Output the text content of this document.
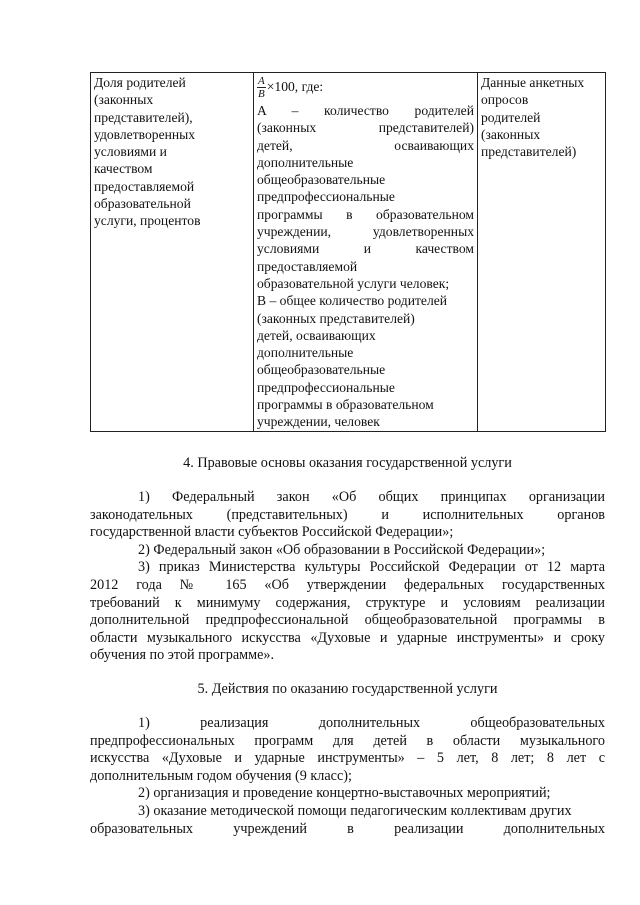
Доля родителей
(законных
представителей),
удовлетворенных
условиями и
качеством
предоставляемой
образовательной
услуги, процентов

$\frac{A}{B} \times 100$, где:
A – количество родителей
(законных представителей)
детей, осваивающих
дополнительные
общеобразовательные
предпрофессиональные
программы в образовательном
учреждении, удовлетворенных
условиями и качеством
предоставляемой
образовательной услуги человек;
B – общее количество родителей
(законных представителей)
детей, осваивающих
дополнительные
общеобразовательные
предпрофессиональные
программы в образовательном
учреждении, человек

Данные анкетных
опросов
родителей
(законных
представителей)
4. Правовые основы оказания государственной услуги
1) Федеральный закон «Об общих принципах организации
законодательных (представительных) и исполнительных органов
государственной власти субъектов Российской Федерации»;
2) Федеральный закон «Об образовании в Российской Федерации»;
3) приказ Министерства культуры Российской Федерации от 12 марта
2012 года № 165 «Об утверждении федеральных государственных
требований к минимуму содержания, структуре и условиям реализации
дополнительной предпрофессиональной общеобразовательной программы в
области музыкального искусства «Духовые и ударные инструменты» и сроку
обучения по этой программе».
5. Действия по оказанию государственной услуги
1) реализация дополнительных общеобразовательных
предпрофессиональных программ для детей в области музыкального
искусства «Духовые и ударные инструменты» – 5 лет, 8 лет; 8 лет с
дополнительным годом обучения (9 класс);
2) организация и проведение концертно-выставочных мероприятий;
3) оказание методической помощи педагогическим коллективам других
образовательных учреждений в реализации дополнительных
